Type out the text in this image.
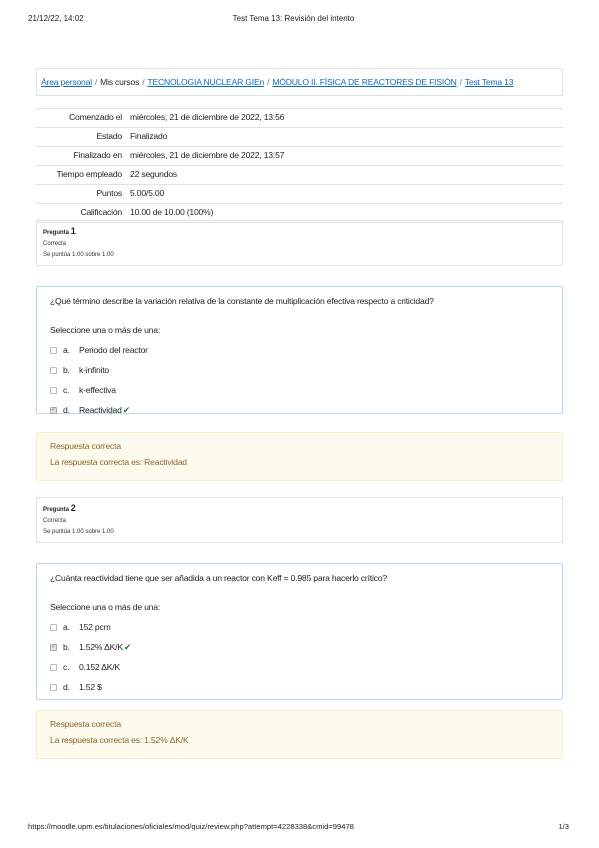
21/12/22, 14:02	Test Tema 13: Revisión del intento
Área personal / Mis cursos / TECNOLOGIA NUCLEAR GIEn / MÓDULO II. FÍSICA DE REACTORES DE FISIÓN / Test Tema 13
Comenzado el	miércoles, 21 de diciembre de 2022, 13:56
Estado	Finalizado
Finalizado en	miércoles, 21 de diciembre de 2022, 13:57
Tiempo empleado	22 segundos
Puntos	5.00/5.00
Calificación	10.00 de 10.00 (100%)
Pregunta 1
Correcta
Se puntúa 1.00 sobre 1.00
¿Qué término describe la variación relativa de la constante de multiplicación efectiva respecto a criticidad?
Seleccione una o más de una:
a.	Periodo del reactor
b.	k-infinito
c.	k-effectiva
✓ d.	Reactividad ✔
Respuesta correcta
La respuesta correcta es: Reactividad
Pregunta 2
Correcta
Se puntúa 1.00 sobre 1.00
¿Cuánta reactividad tiene que ser añadida a un reactor con Keff = 0.985 para hacerlo crítico?
Seleccione una o más de una:
a.	152 pcm
✓ b.	1.52% ΔK/K ✔
c.	0.152 ΔK/K
d.	1.52 $
Respuesta correcta
La respuesta correcta es: 1.52% ΔK/K
https://moodle.upm.es/titulaciones/oficiales/mod/quiz/review.php?attempt=4228338&cmid=99478	1/3
